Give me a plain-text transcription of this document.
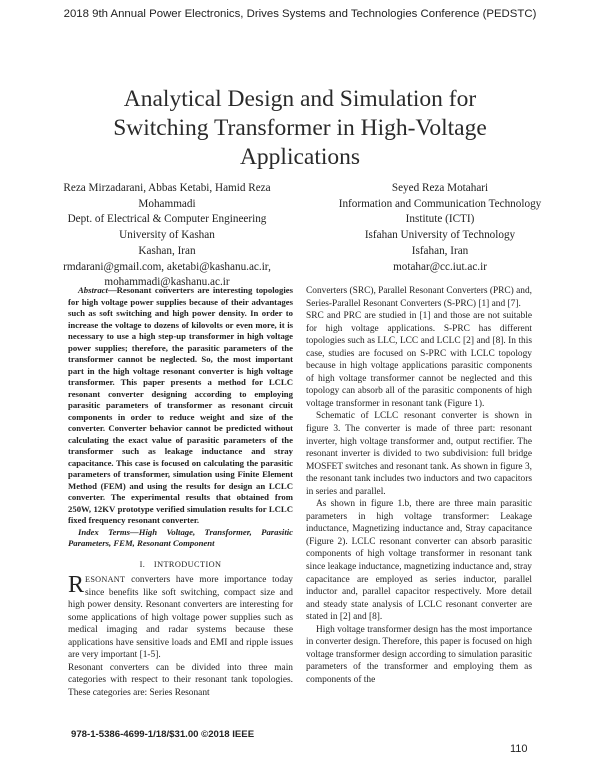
2018 9th Annual Power Electronics, Drives Systems and Technologies Conference (PEDSTC)
Analytical Design and Simulation for
Switching Transformer in High-Voltage
Applications
Reza Mirzadarani, Abbas Ketabi, Hamid Reza
Mohammadi
Dept. of Electrical & Computer Engineering
University of Kashan
Kashan, Iran
rmdarani@gmail.com, aketabi@kashanu.ac.ir,
mohammadi@kashanu.ac.ir
Seyed Reza Motahari
Information and Communication Technology
Institute (ICTI)
Isfahan University of Technology
Isfahan, Iran
motahar@cc.iut.ac.ir

Abstract—Resonant converters are interesting topologies for high voltage power supplies because of their advantages such as soft switching and high power density. In order to increase the voltage to dozens of kilovolts or even more, it is necessary to use a high step-up transformer in high voltage power supplies; therefore, the parasitic parameters of the transformer cannot be neglected. So, the most important part in the high voltage resonant converter is high voltage transformer. This paper presents a method for LCLC resonant converter designing according to employing parasitic parameters of transformer as resonant circuit components in order to reduce weight and size of the converter. Converter behavior cannot be predicted without calculating the exact value of parasitic parameters of the transformer such as leakage inductance and stray capacitance. This case is focused on calculating the parasitic parameters of transformer, simulation using Finite Element Method (FEM) and using the results for design an LCLC converter. The experimental results that obtained from 250W, 12KV prototype verified simulation results for LCLC fixed frequency resonant converter.

Index Terms—High Voltage, Transformer, Parasitic Parameters, FEM, Resonant Component

I. INTRODUCTION

RESONANT converters have more importance today since benefits like soft switching, compact size and high power density. Resonant converters are interesting for some applications of high voltage power supplies such as medical imaging and radar systems because these applications have sensitive loads and EMI and ripple issues are very important [1-5].

Resonant converters can be divided into three main categories with respect to their resonant tank topologies. These categories are: Series Resonant

Converters (SRC), Parallel Resonant Converters (PRC) and, Series-Parallel Resonant Converters (S-PRC) [1] and [7].

SRC and PRC are studied in [1] and those are not suitable for high voltage applications. S-PRC has different topologies such as LLC, LCC and LCLC [2] and [8]. In this case, studies are focused on S-PRC with LCLC topology because in high voltage applications parasitic components of high voltage transformer cannot be neglected and this topology can absorb all of the parasitic components of high voltage transformer in resonant tank (Figure 1).

Schematic of LCLC resonant converter is shown in figure 3. The converter is made of three part: resonant inverter, high voltage transformer and, output rectifier. The resonant inverter is divided to two subdivision: full bridge MOSFET switches and resonant tank. As shown in figure 3, the resonant tank includes two inductors and two capacitors in series and parallel.

As shown in figure 1.b, there are three main parasitic parameters in high voltage transformer: Leakage inductance, Magnetizing inductance and, Stray capacitance (Figure 2). LCLC resonant converter can absorb parasitic components of high voltage transformer in resonant tank since leakage inductance, magnetizing inductance and, stray capacitance are employed as series inductor, parallel inductor and, parallel capacitor respectively. More detail and steady state analysis of LCLC resonant converter are stated in [2] and [8].

High voltage transformer design has the most importance in converter design. Therefore, this paper is focused on high voltage transformer design according to simulation parasitic parameters of the transformer and employing them as components of the

978-1-5386-4699-1/18/$31.00 ©2018 IEEE
110
